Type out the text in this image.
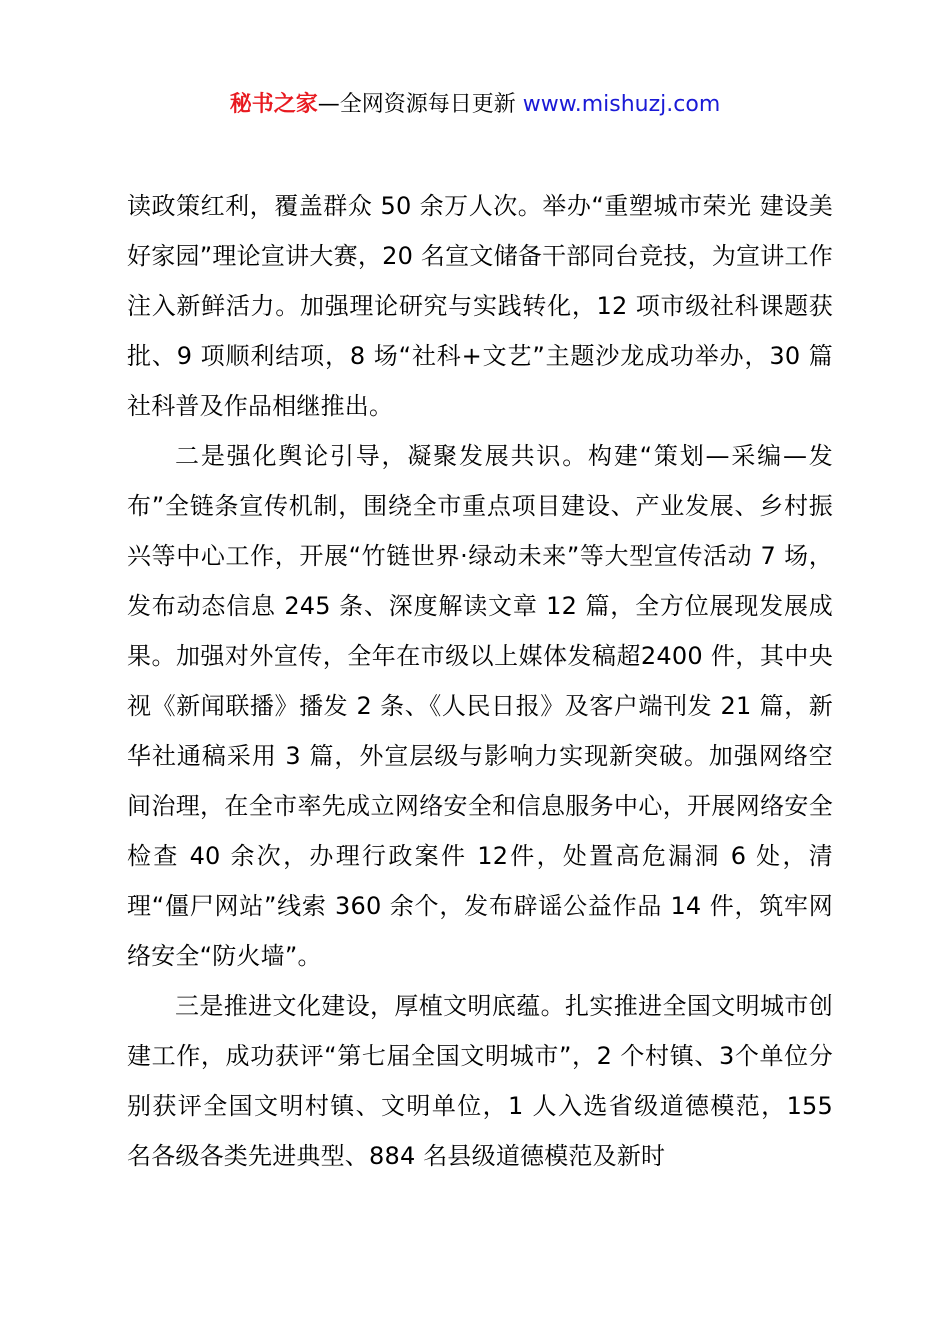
秘书之家—全网资源每日更新 www.mishuzj.com

读政策红利，覆盖群众 50 余万人次。举办“重塑城市荣光 建设美好家园”理论宣讲大赛，20 名宣文储备干部同台竞技，为宣讲工作注入新鲜活力。加强理论研究与实践转化，12 项市级社科课题获批、9 项顺利结项，8 场“社科+文艺”主题沙龙成功举办，30 篇社科普及作品相继推出。

二是强化舆论引导，凝聚发展共识。构建“策划—采编—发布”全链条宣传机制，围绕全市重点项目建设、产业发展、乡村振兴等中心工作，开展“竹链世界·绿动未来”等大型宣传活动 7 场，发布动态信息 245 条、深度解读文章 12 篇，全方位展现发展成果。加强对外宣传，全年在市级以上媒体发稿超2400 件，其中央视《新闻联播》播发 2 条、《人民日报》及客户端刊发 21 篇，新华社通稿采用 3 篇，外宣层级与影响力实现新突破。加强网络空间治理，在全市率先成立网络安全和信息服务中心，开展网络安全检查 40 余次，办理行政案件 12件，处置高危漏洞 6 处，清理“僵尸网站”线索 360 余个，发布辟谣公益作品 14 件，筑牢网络安全“防火墙”。

三是推进文化建设，厚植文明底蕴。扎实推进全国文明城市创建工作，成功获评“第七届全国文明城市”，2 个村镇、3个单位分别获评全国文明村镇、文明单位，1 人入选省级道德模范，155 名各级各类先进典型、884 名县级道德模范及新时
